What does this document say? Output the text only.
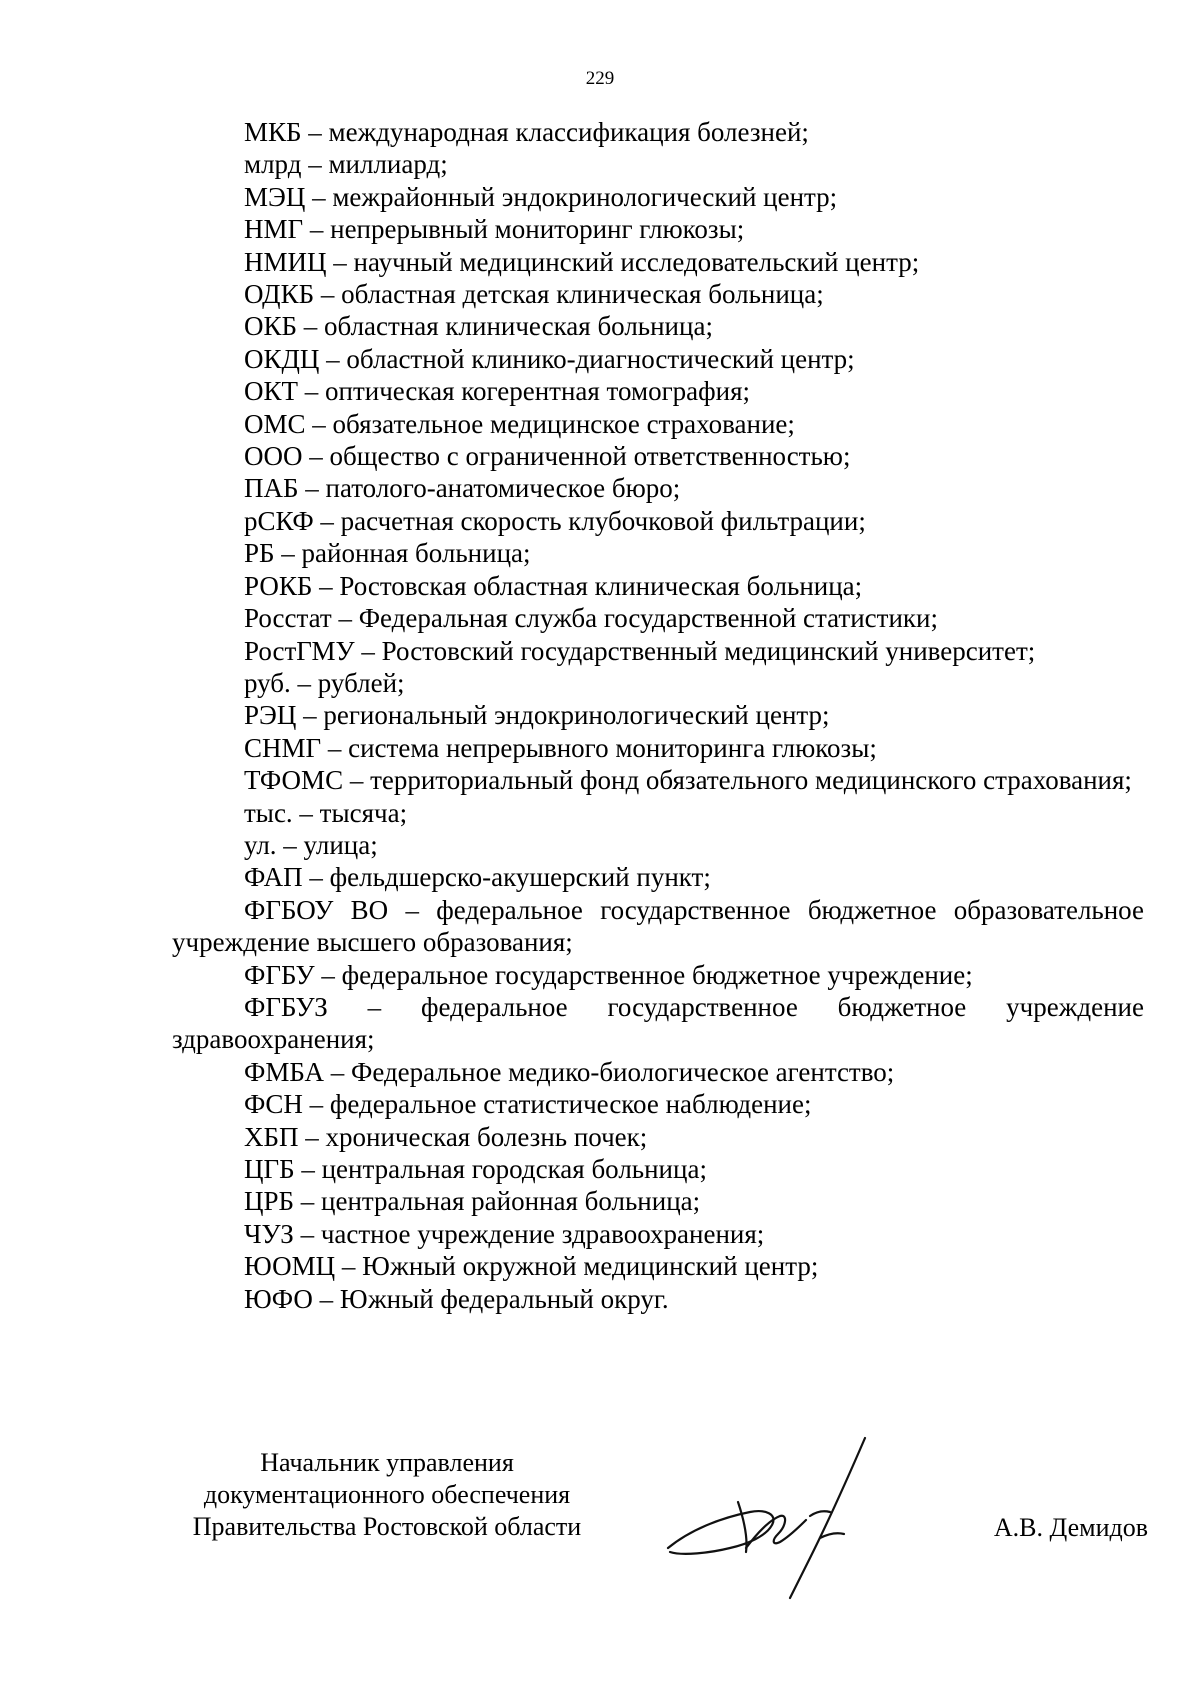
229
МКБ – международная классификация болезней;
млрд – миллиард;
МЭЦ – межрайонный эндокринологический центр;
НМГ – непрерывный мониторинг глюкозы;
НМИЦ – научный медицинский исследовательский центр;
ОДКБ – областная детская клиническая больница;
ОКБ – областная клиническая больница;
ОКДЦ – областной клинико-диагностический центр;
ОКТ – оптическая когерентная томография;
ОМС – обязательное медицинское страхование;
ООО – общество с ограниченной ответственностью;
ПАБ – патолого-анатомическое бюро;
рСКФ – расчетная скорость клубочковой фильтрации;
РБ – районная больница;
РОКБ – Ростовская областная клиническая больница;
Росстат – Федеральная служба государственной статистики;
РостГМУ – Ростовский государственный медицинский университет;
руб. – рублей;
РЭЦ – региональный эндокринологический центр;
СНМГ – система непрерывного мониторинга глюкозы;
ТФОМС – территориальный фонд обязательного медицинского страхования;
тыс. – тысяча;
ул. – улица;
ФАП – фельдшерско-акушерский пункт;
ФГБОУ ВО – федеральное государственное бюджетное образовательное учреждение высшего образования;
ФГБУ – федеральное государственное бюджетное учреждение;
ФГБУЗ – федеральное государственное бюджетное учреждение здравоохранения;
ФМБА – Федеральное медико-биологическое агентство;
ФСН – федеральное статистическое наблюдение;
ХБП – хроническая болезнь почек;
ЦГБ – центральная городская больница;
ЦРБ – центральная районная больница;
ЧУЗ – частное учреждение здравоохранения;
ЮОМЦ – Южный окружной медицинский центр;
ЮФО – Южный федеральный округ.
Начальник управления
документационного обеспечения
Правительства Ростовской области	А.В. Демидов
